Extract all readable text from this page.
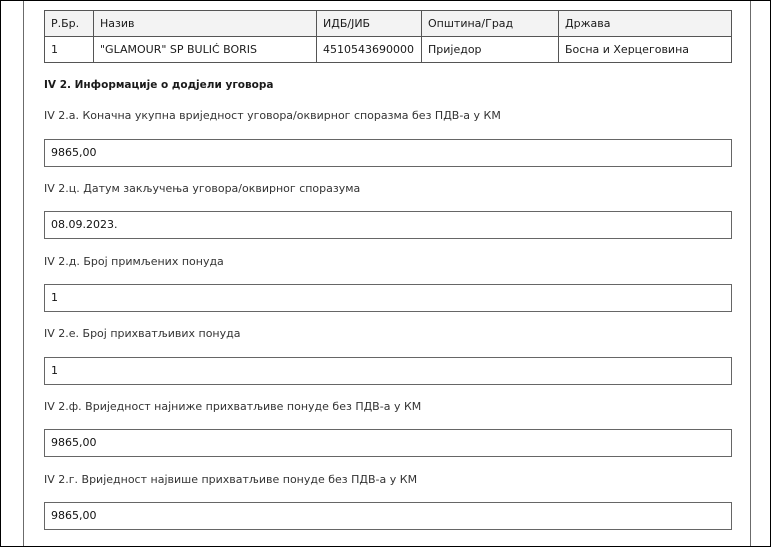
Р.Бр.	Назив	ИДБ/ЈИБ	Општина/Град	Држава
1	"GLAMOUR" SP BULIĆ BORIS	4510543690000	Приједор	Босна и Херцеговина
IV 2. Информације о додјели уговора
IV 2.a. Коначна укупна вриједност уговора/оквирног споразма без ПДВ-а у КМ
9865,00
IV 2.ц. Датум закључења уговора/оквирног споразума
08.09.2023.
IV 2.д. Број примљених понуда
1
IV 2.е. Број прихватљивих понуда
1
IV 2.ф. Вриједност најниже прихватљиве понуде без ПДВ-а у КМ
9865,00
IV 2.г. Вриједност највише прихватљиве понуде без ПДВ-а у КМ
9865,00
